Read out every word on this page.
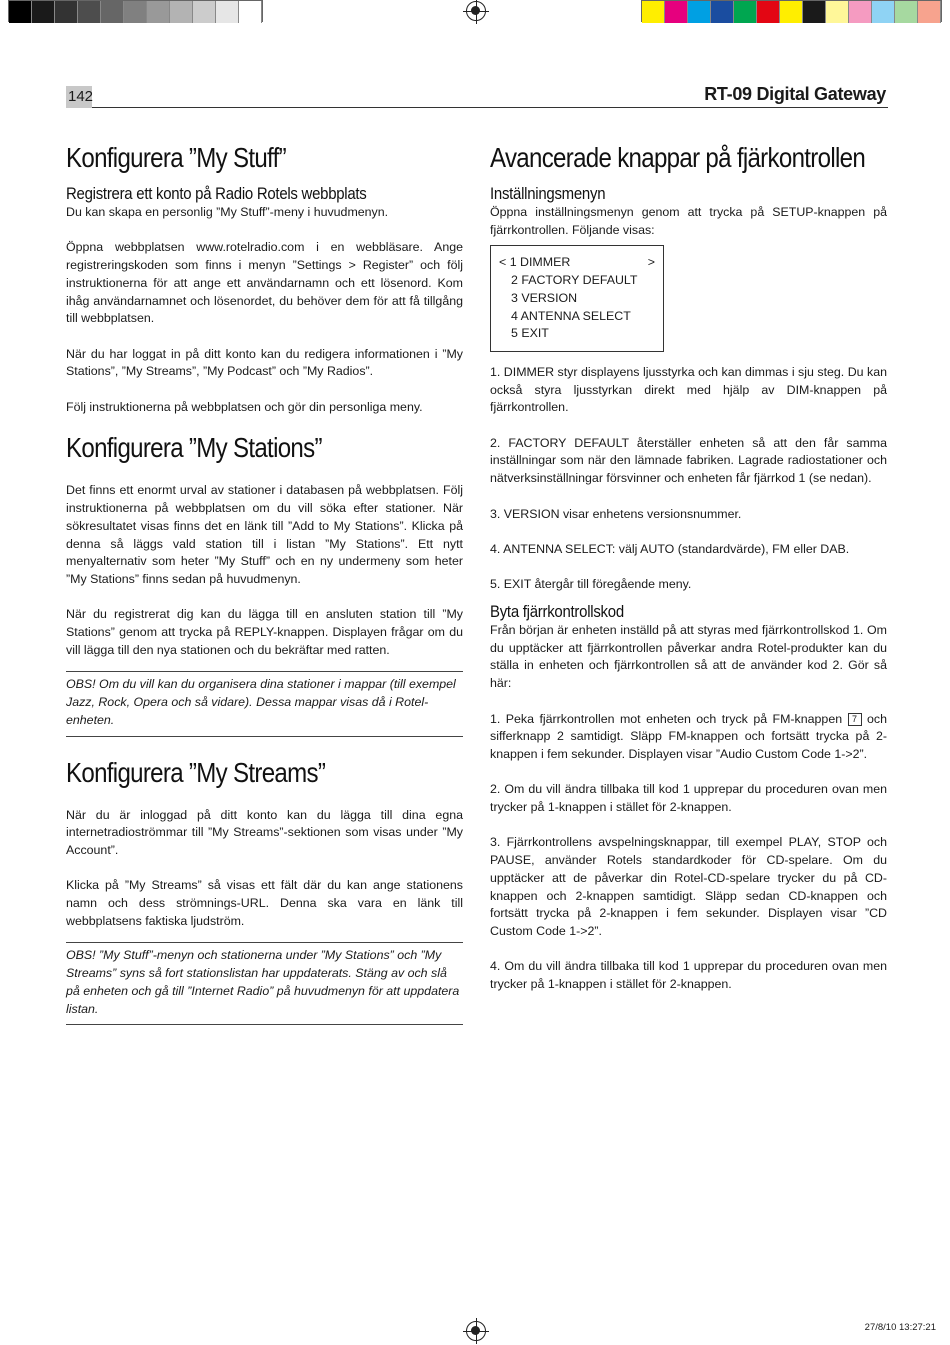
142	RT-09 Digital Gateway
Konfigurera ”My Stuff”
Registrera ett konto på Radio Rotels webbplats

Du kan skapa en personlig ”My Stuff”-meny i huvudmenyn.

Öppna webbplatsen www.rotelradio.com i en webbläsare. Ange registreringskoden som finns i menyn ”Settings > Register” och följ instruktionerna för att ange ett användarnamn och ett lösenord. Kom ihåg användarnamnet och lösenordet, du behöver dem för att få tillgång till webbplatsen.

När du har loggat in på ditt konto kan du redigera informationen i ”My Stations”, ”My Streams”, ”My Podcast” och ”My Radios”.

Följ instruktionerna på webbplatsen och gör din personliga meny.

Konfigurera ”My Stations”

Det finns ett enormt urval av stationer i databasen på webbplatsen. Följ instruktionerna på webbplatsen om du vill söka efter stationer. När sökresultatet visas finns det en länk till ”Add to My Stations”. Klicka på denna så läggs vald station till i listan ”My Stations”. Ett nytt menyalternativ som heter ”My Stuff” och en ny undermeny som heter ”My Stations” finns sedan på huvudmenyn.

När du registrerat dig kan du lägga till en ansluten station till ”My Stations” genom att trycka på REPLY-knappen. Displayen frågar om du vill lägga till den nya stationen och du bekräftar med ratten.

OBS! Om du vill kan du organisera dina stationer i mappar (till exempel Jazz, Rock, Opera och så vidare). Dessa mappar visas då i Rotel-enheten.

Konfigurera ”My Streams”

När du är inloggad på ditt konto kan du lägga till dina egna internetradioströmmar till ”My Streams”-sektionen som visas under ”My Account”.

Klicka på ”My Streams” så visas ett fält där du kan ange stationens namn och dess strömnings-URL. Denna ska vara en länk till webbplatsens faktiska ljudström.

OBS! ”My Stuff”-menyn och stationerna under ”My Stations” och ”My Streams” syns så fort stationslistan har uppdaterats. Stäng av och slå på enheten och gå till ”Internet Radio” på huvudmenyn för att uppdatera listan.

Avancerade knappar på fjärkontrollen
Inställningsmenyn

Öppna inställningsmenyn genom att trycka på SETUP-knappen på fjärrkontrollen. Följande visas:

>
< 1 DIMMER
2 FACTORY DEFAULT
3 VERSION
4 ANTENNA SELECT
5 EXIT

1. DIMMER styr displayens ljusstyrka och kan dimmas i sju steg. Du kan också styra ljusstyrkan direkt med hjälp av DIM-knappen på fjärrkontrollen.

2. FACTORY DEFAULT återställer enheten så att den får samma inställningar som när den lämnade fabriken. Lagrade radiostationer och nätverksinställningar försvinner och enheten får fjärrkod 1 (se nedan).

3. VERSION visar enhetens versionsnummer.

4. ANTENNA SELECT: välj AUTO (standardvärde), FM eller DAB.

5. EXIT återgår till föregående meny.

Byta fjärrkontrollskod

Från början är enheten inställd på att styras med fjärrkontrollskod 1. Om du upptäcker att fjärrkontrollen påverkar andra Rotel-produkter kan du ställa in enheten och fjärrkontrollen så att de använder kod 2. Gör så här:

1. Peka fjärrkontrollen mot enheten och tryck på FM-knappen 7 och sifferknapp 2 samtidigt. Släpp FM-knappen och fortsätt trycka på 2-knappen i fem sekunder. Displayen visar ”Audio Custom Code 1->2”.

2. Om du vill ändra tillbaka till kod 1 upprepar du proceduren ovan men trycker på 1-knappen i stället för 2-knappen.

3. Fjärrkontrollens avspelningsknappar, till exempel PLAY, STOP och PAUSE, använder Rotels standardkoder för CD-spelare. Om du upptäcker att de påverkar din Rotel-CD-spelare trycker du på CD-knappen och 2-knappen samtidigt. Släpp sedan CD-knappen och fortsätt trycka på 2-knappen i fem sekunder. Displayen visar ”CD Custom Code 1->2”.

4. Om du vill ändra tillbaka till kod 1 upprepar du proceduren ovan men trycker på 1-knappen i stället för 2-knappen.

27/8/10 13:27:21
